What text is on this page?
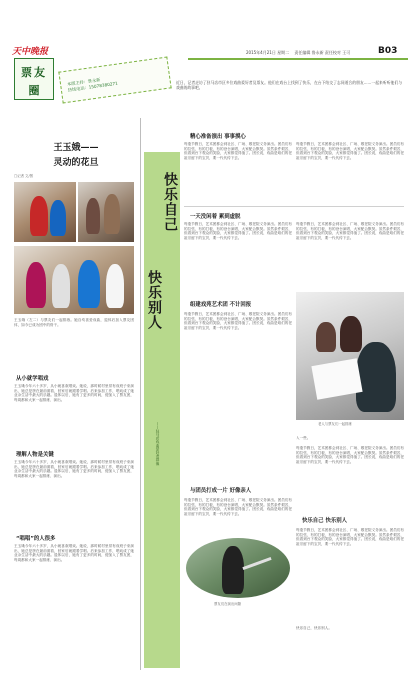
天中晚报
票友
圈

本版主持：鲁永新
热线电话：15078380271

2015年4月21日 星期二 责任编辑 鲁永新 责任校对 王可	B03
近日，记者走访了驻马店市区多位戏曲爱好者及票友。他们在戏台上找到了快乐，在台下结交了志同道合的朋友……一起来听听他们与戏曲的故事吧。
王玉娥——
灵动的花旦
□记者 文/图
王玉娥（左二）与票友们一起排练。她自幼喜爱戏曲，退休后加入票友团体，如今已成为团中的骨干。
从小就学唱戏
王玉娥今年六十多岁，从小就喜欢唱戏。她说，那时候村里常有戏班子来演出，她总是挤在最前面看，回家后就跟着学唱。后来参加工作，唱戏成了她业余生活中最大的乐趣。退休以后，她有了更多的时间，便加入了票友团，每周都和大家一起排练、演出。
理解人物是关键
王玉娥今年六十多岁，从小就喜欢唱戏。她说，那时候村里常有戏班子来演出，她总是挤在最前面看，回家后就跟着学唱。后来参加工作，唱戏成了她业余生活中最大的乐趣。退休以后，她有了更多的时间，便加入了票友团，每周都和大家一起排练、演出。
“唱唱”的人很多
王玉娥今年六十多岁，从小就喜欢唱戏。她说，那时候村里常有戏班子来演出，她总是挤在最前面看，回家后就跟着学唱。后来参加工作，唱戏成了她业余生活中最大的乐趣。退休以后，她有了更多的时间，便加入了票友团，每周都和大家一起排练、演出。
快乐自己
快乐别人
——驻马店戏曲爱好者群像
精心准备演出 事事摸心
每逢节假日，艺术团都会到社区、广场、敬老院义务演出。团员们有的拉弦，有的打板，有的登台演唱，大家配合默契。虽然条件艰苦，但看到台下观众的笑脸，大家都觉得值了。团长说，戏曲是咱们的老祖宗留下的宝贝，要一代代传下去。
每逢节假日，艺术团都会到社区、广场、敬老院义务演出。团员们有的拉弦，有的打板，有的登台演唱，大家配合默契。虽然条件艰苦，但看到台下观众的笑脸，大家都觉得值了。团长说，戏曲是咱们的老祖宗留下的宝贝，要一代代传下去。
一天没闲着 累到虚脱
每逢节假日，艺术团都会到社区、广场、敬老院义务演出。团员们有的拉弦，有的打板，有的登台演唱，大家配合默契。虽然条件艰苦，但看到台下观众的笑脸，大家都觉得值了。团长说，戏曲是咱们的老祖宗留下的宝贝，要一代代传下去。
每逢节假日，艺术团都会到社区、广场、敬老院义务演出。团员们有的拉弦，有的打板，有的登台演唱，大家配合默契。虽然条件艰苦，但看到台下观众的笑脸，大家都觉得值了。团长说，戏曲是咱们的老祖宗留下的宝贝，要一代代传下去。
组建戏苑艺术团 不计回报
每逢节假日，艺术团都会到社区、广场、敬老院义务演出。团员们有的拉弦，有的打板，有的登台演唱，大家配合默契。虽然条件艰苦，但看到台下观众的笑脸，大家都觉得值了。团长说，戏曲是咱们的老祖宗留下的宝贝，要一代代传下去。
老人与票友们一起排练
入一些。
每逢节假日，艺术团都会到社区、广场、敬老院义务演出。团员们有的拉弦，有的打板，有的登台演唱，大家配合默契。虽然条件艰苦，但看到台下观众的笑脸，大家都觉得值了。团长说，戏曲是咱们的老祖宗留下的宝贝，要一代代传下去。
与团员打成一片 好像亲人
每逢节假日，艺术团都会到社区、广场、敬老院义务演出。团员们有的拉弦，有的打板，有的登台演唱，大家配合默契。虽然条件艰苦，但看到台下观众的笑脸，大家都觉得值了。团长说，戏曲是咱们的老祖宗留下的宝贝，要一代代传下去。
票友们在演出间隙
快乐自己 快乐别人
每逢节假日，艺术团都会到社区、广场、敬老院义务演出。团员们有的拉弦，有的打板，有的登台演唱，大家配合默契。虽然条件艰苦，但看到台下观众的笑脸，大家都觉得值了。团长说，戏曲是咱们的老祖宗留下的宝贝，要一代代传下去。
快乐自己，快乐别人。
